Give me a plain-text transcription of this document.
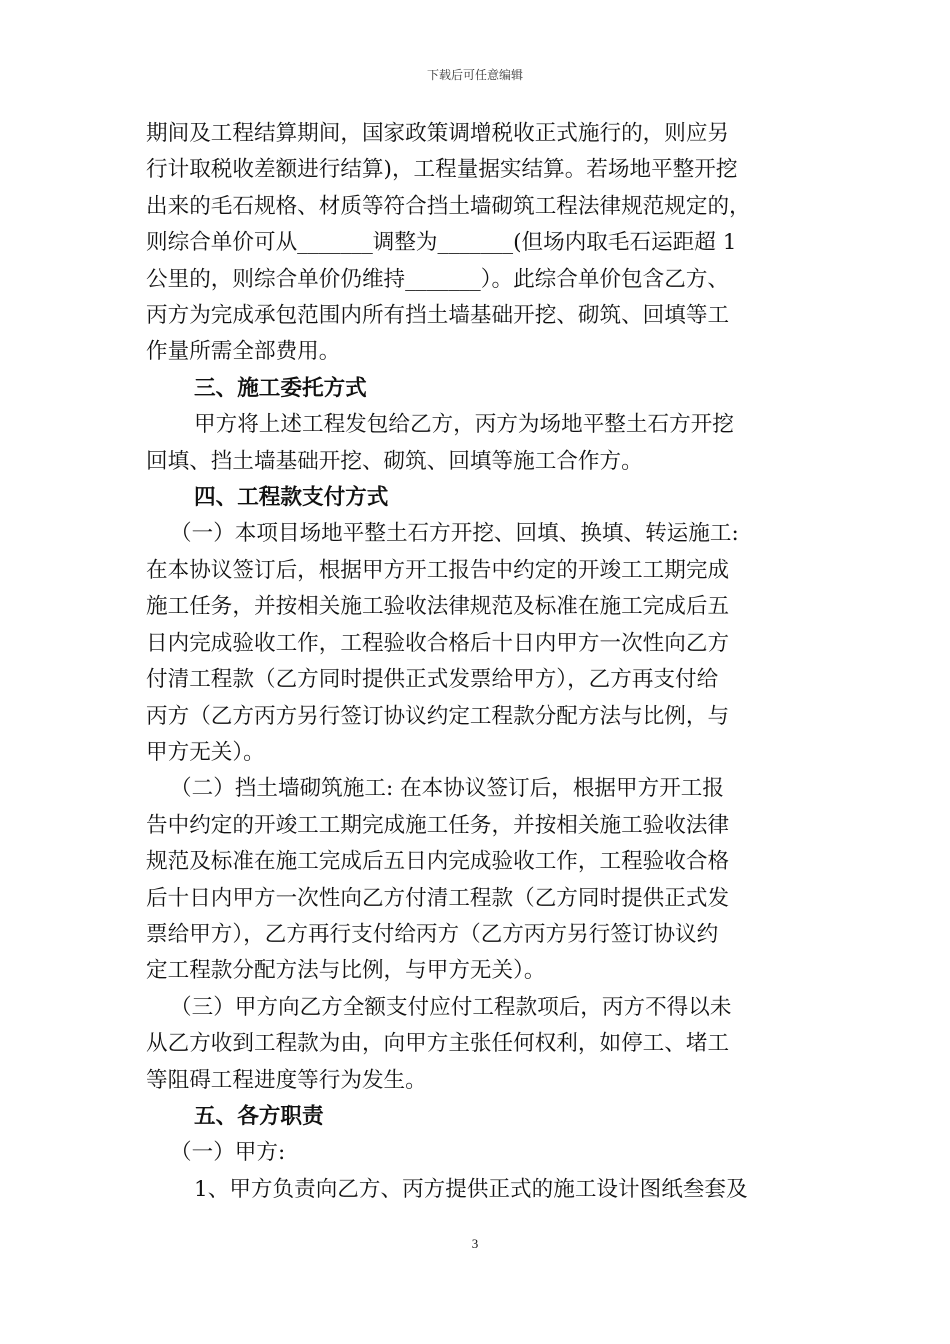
下载后可任意编辑

期间及工程结算期间，国家政策调增税收正式施行的，则应另

行计取税收差额进行结算)，工程量据实结算。若场地平整开挖

出来的毛石规格、材质等符合挡土墙砌筑工程法律规范规定的，

则综合单价可从_______调整为_______(但场内取毛石运距超 1

公里的，则综合单价仍维持_______）。此综合单价包含乙方、

丙方为完成承包范围内所有挡土墙基础开挖、砌筑、回填等工

作量所需全部费用。

三、施工委托方式

甲方将上述工程发包给乙方，丙方为场地平整土石方开挖

回填、挡土墙基础开挖、砌筑、回填等施工合作方。

四、工程款支付方式

（一）本项目场地平整土石方开挖、回填、换填、转运施工:

在本协议签订后，根据甲方开工报告中约定的开竣工工期完成

施工任务，并按相关施工验收法律规范及标准在施工完成后五

日内完成验收工作，工程验收合格后十日内甲方一次性向乙方

付清工程款（乙方同时提供正式发票给甲方），乙方再支付给

丙方（乙方丙方另行签订协议约定工程款分配方法与比例，与

甲方无关）。

（二）挡土墙砌筑施工: 在本协议签订后，根据甲方开工报

告中约定的开竣工工期完成施工任务，并按相关施工验收法律

规范及标准在施工完成后五日内完成验收工作，工程验收合格

后十日内甲方一次性向乙方付清工程款（乙方同时提供正式发

票给甲方），乙方再行支付给丙方（乙方丙方另行签订协议约

定工程款分配方法与比例，与甲方无关）。

（三）甲方向乙方全额支付应付工程款项后，丙方不得以未

从乙方收到工程款为由，向甲方主张任何权利，如停工、堵工

等阻碍工程进度等行为发生。

五、各方职责

（一）甲方:

1、甲方负责向乙方、丙方提供正式的施工设计图纸叁套及

3
